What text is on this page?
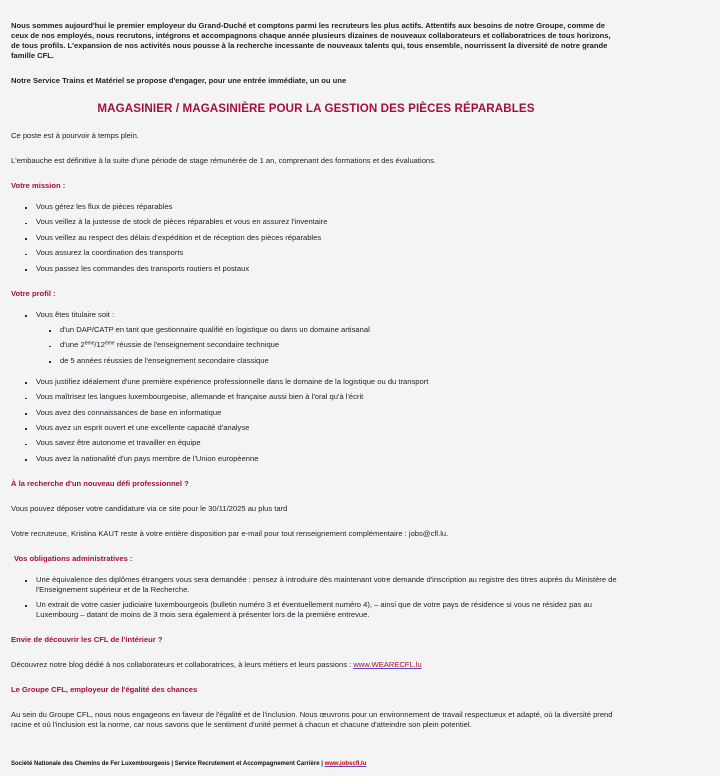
Nous sommes aujourd'hui le premier employeur du Grand-Duché et comptons parmi les recruteurs les plus actifs. Attentifs aux besoins de notre Groupe, comme de ceux de nos employés, nous recrutons, intégrons et accompagnons chaque année plusieurs dizaines de nouveaux collaborateurs et collaboratrices de tous horizons, de tous profils. L'expansion de nos activités nous pousse à la recherche incessante de nouveaux talents qui, tous ensemble, nourrissent la diversité de notre grande famille CFL.

Notre Service Trains et Matériel se propose d'engager, pour une entrée immédiate, un ou une

MAGASINIER / MAGASINIÈRE POUR LA GESTION DES PIÈCES RÉPARABLES

Ce poste est à pourvoir à temps plein.

L'embauche est définitive à la suite d'une période de stage rémunérée de 1 an, comprenant des formations et des évaluations.

Votre mission :
Vous gérez les flux de pièces réparables
Vous veillez à la justesse de stock de pièces réparables et vous en assurez l'inventaire
Vous veillez au respect des délais d'expédition et de réception des pièces réparables
Vous assurez la coordination des transports
Vous passez les commandes des transports routiers et postaux
Votre profil :
Vous êtes titulaire soit :
d'un DAP/CATP en tant que gestionnaire qualifié en logistique ou dans un domaine artisanal
d'une 2ème/12ème réussie de l'enseignement secondaire technique
de 5 années réussies de l'enseignement secondaire classique
Vous justifiez idéalement d'une première expérience professionnelle dans le domaine de la logistique ou du transport
Vous maîtrisez les langues luxembourgeoise, allemande et française aussi bien à l'oral qu'à l'écrit
Vous avez des connaissances de base en informatique
Vous avez un esprit ouvert et une excellente capacité d'analyse
Vous savez être autonome et travailler en équipe
Vous avez la nationalité d'un pays membre de l'Union européenne
À la recherche d'un nouveau défi professionnel ?

Vous pouvez déposer votre candidature via ce site pour le 30/11/2025 au plus tard

Votre recruteuse, Kristina KAUT reste à votre entière disposition par e-mail pour tout renseignement complémentaire : jobs@cfl.lu.

Vos obligations administratives :
Une équivalence des diplômes étrangers vous sera demandée : pensez à introduire dès maintenant votre demande d'inscription au registre des titres auprès du Ministère de l'Enseignement supérieur et de la Recherche.
Un extrait de votre casier judiciaire luxembourgeois (bulletin numéro 3 et éventuellement numéro 4), – ainsi que de votre pays de résidence si vous ne résidez pas au Luxembourg – datant de moins de 3 mois sera également à présenter lors de la première entrevue.
Envie de découvrir les CFL de l'intérieur ?

Découvrez notre blog dédié à nos collaborateurs et collaboratrices, à leurs métiers et leurs passions : www.WEARECFL.lu

Le Groupe CFL, employeur de l'égalité des chances

Au sein du Groupe CFL, nous nous engageons en faveur de l'égalité et de l'inclusion. Nous œuvrons pour un environnement de travail respectueux et adapté, où la diversité prend racine et où l'inclusion est la norme, car nous savons que le sentiment d'unité permet à chacun et chacune d'atteindre son plein potentiel.

Société Nationale des Chemins de Fer Luxembourgeois | Service Recrutement et Accompagnement Carrière | www.jobscfl.lu
